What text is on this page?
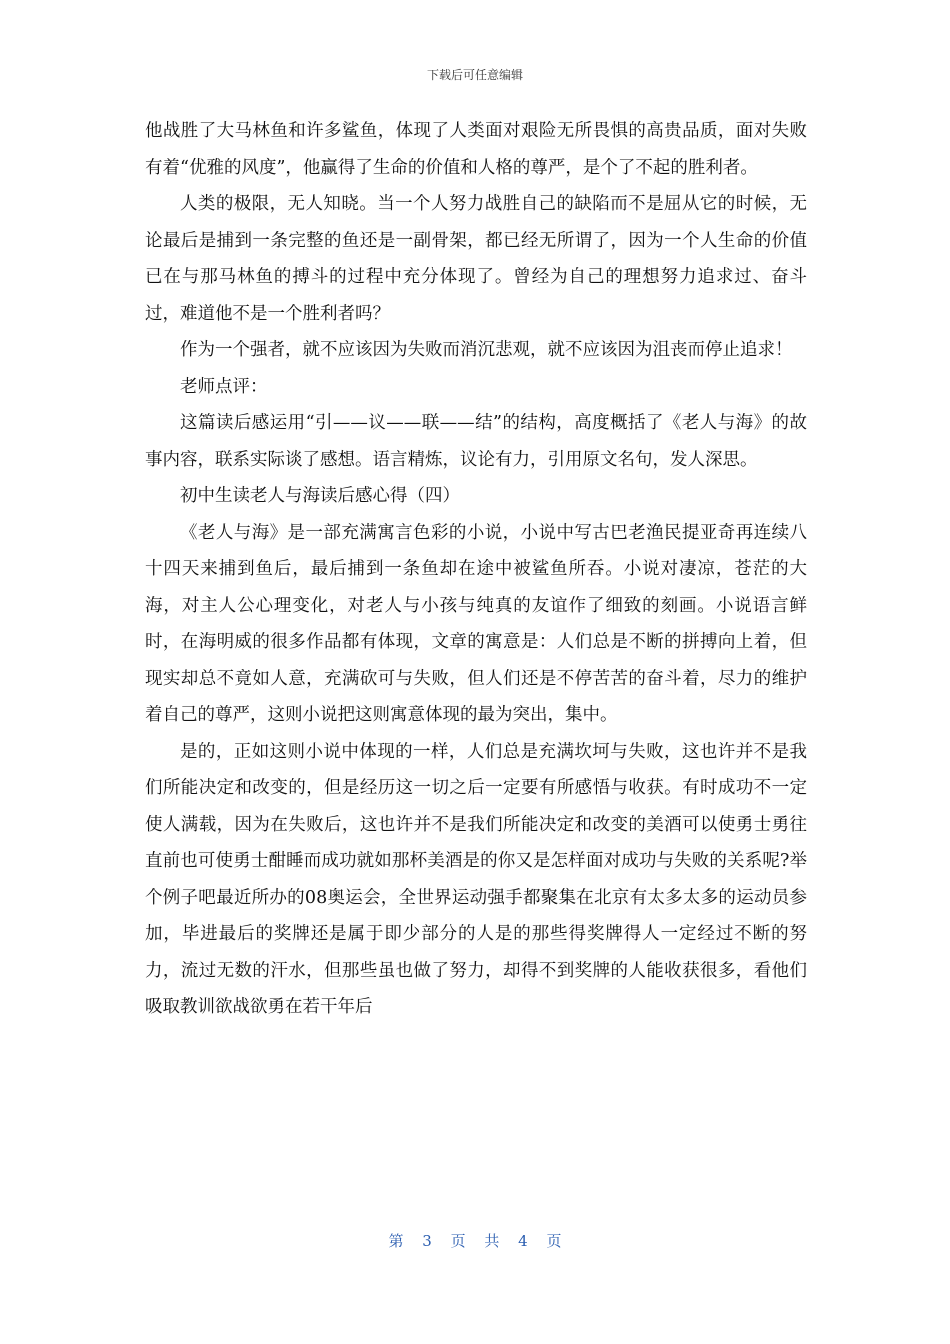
下载后可任意编辑

他战胜了大马林鱼和许多鲨鱼，体现了人类面对艰险无所畏惧的高贵品质，面对失败有着“优雅的风度”，他赢得了生命的价值和人格的尊严，是个了不起的胜利者。

人类的极限，无人知晓。当一个人努力战胜自己的缺陷而不是屈从它的时候，无论最后是捕到一条完整的鱼还是一副骨架，都已经无所谓了，因为一个人生命的价值已在与那马林鱼的搏斗的过程中充分体现了。曾经为自己的理想努力追求过、奋斗过，难道他不是一个胜利者吗？

作为一个强者，就不应该因为失败而消沉悲观，就不应该因为沮丧而停止追求！

老师点评：

这篇读后感运用“引——议——联——结”的结构，高度概括了《老人与海》的故事内容，联系实际谈了感想。语言精炼，议论有力，引用原文名句，发人深思。

初中生读老人与海读后感心得（四）

《老人与海》是一部充满寓言色彩的小说，小说中写古巴老渔民提亚奇再连续八十四天来捕到鱼后，最后捕到一条鱼却在途中被鲨鱼所吞。小说对凄凉，苍茫的大海，对主人公心理变化，对老人与小孩与纯真的友谊作了细致的刻画。小说语言鲜时，在海明威的很多作品都有体现，文章的寓意是：人们总是不断的拼搏向上着，但现实却总不竟如人意，充满砍可与失败，但人们还是不停苦苦的奋斗着，尽力的维护着自己的尊严，这则小说把这则寓意体现的最为突出，集中。

是的，正如这则小说中体现的一样，人们总是充满坎坷与失败，这也许并不是我们所能决定和改变的，但是经历这一切之后一定要有所感悟与收获。有时成功不一定使人满载，因为在失败后，这也许并不是我们所能决定和改变的美酒可以使勇士勇往直前也可使勇士酣睡而成功就如那杯美酒是的你又是怎样面对成功与失败的关系呢?举个例子吧最近所办的08奥运会，全世界运动强手都聚集在北京有太多太多的运动员参加，毕进最后的奖牌还是属于即少部分的人是的那些得奖牌得人一定经过不断的努力，流过无数的汗水，但那些虽也做了努力，却得不到奖牌的人能收获很多，看他们吸取教训欲战欲勇在若干年后

第 3 页 共 4 页
